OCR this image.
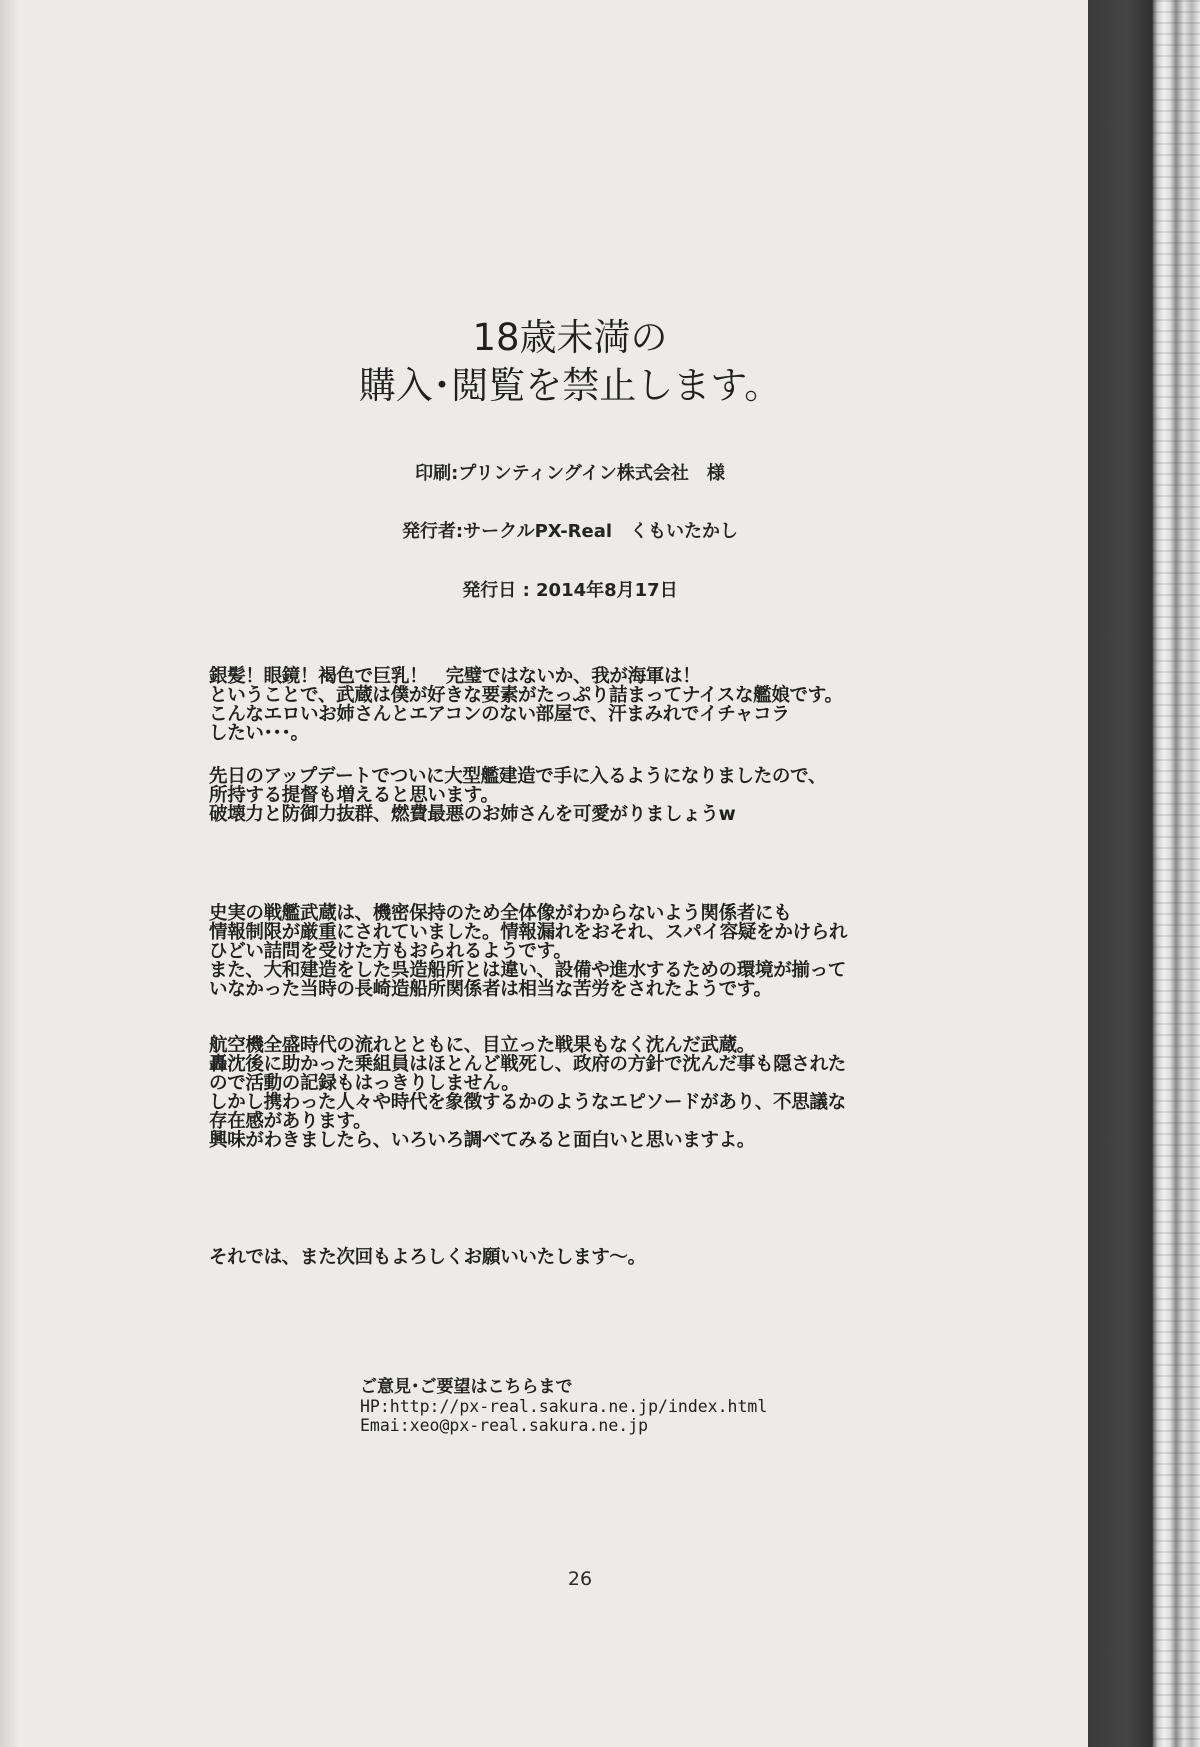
18歳未満の
購入･閲覧を禁止します。
印刷:プリンティングイン株式会社　様
発行者:サークルPX-Real　くもいたかし
発行日 : 2014年8月17日
銀髪！眼鏡！褐色で巨乳！　完璧ではないか、我が海軍は！
ということで、武蔵は僕が好きな要素がたっぷり詰まってナイスな艦娘です。
こんなエロいお姉さんとエアコンのない部屋で、汗まみれでイチャコラ
したい･･･。
先日のアップデートでついに大型艦建造で手に入るようになりましたので、
所持する提督も増えると思います。
破壊力と防御力抜群、燃費最悪のお姉さんを可愛がりましょうw
史実の戦艦武蔵は、機密保持のため全体像がわからないよう関係者にも
情報制限が厳重にされていました。情報漏れをおそれ、スパイ容疑をかけられ
ひどい詰問を受けた方もおられるようです。
また、大和建造をした呉造船所とは違い、設備や進水するための環境が揃って
いなかった当時の長崎造船所関係者は相当な苦労をされたようです。
航空機全盛時代の流れとともに、目立った戦果もなく沈んだ武蔵。
轟沈後に助かった乗組員はほとんど戦死し、政府の方針で沈んだ事も隠された
ので活動の記録もはっきりしません。
しかし携わった人々や時代を象徴するかのようなエピソードがあり、不思議な
存在感があります。
興味がわきましたら、いろいろ調べてみると面白いと思いますよ。
それでは、また次回もよろしくお願いいたします～。
ご意見･ご要望はこちらまで
HP:http://px-real.sakura.ne.jp/index.html
Emai:xeo@px-real.sakura.ne.jp
26
